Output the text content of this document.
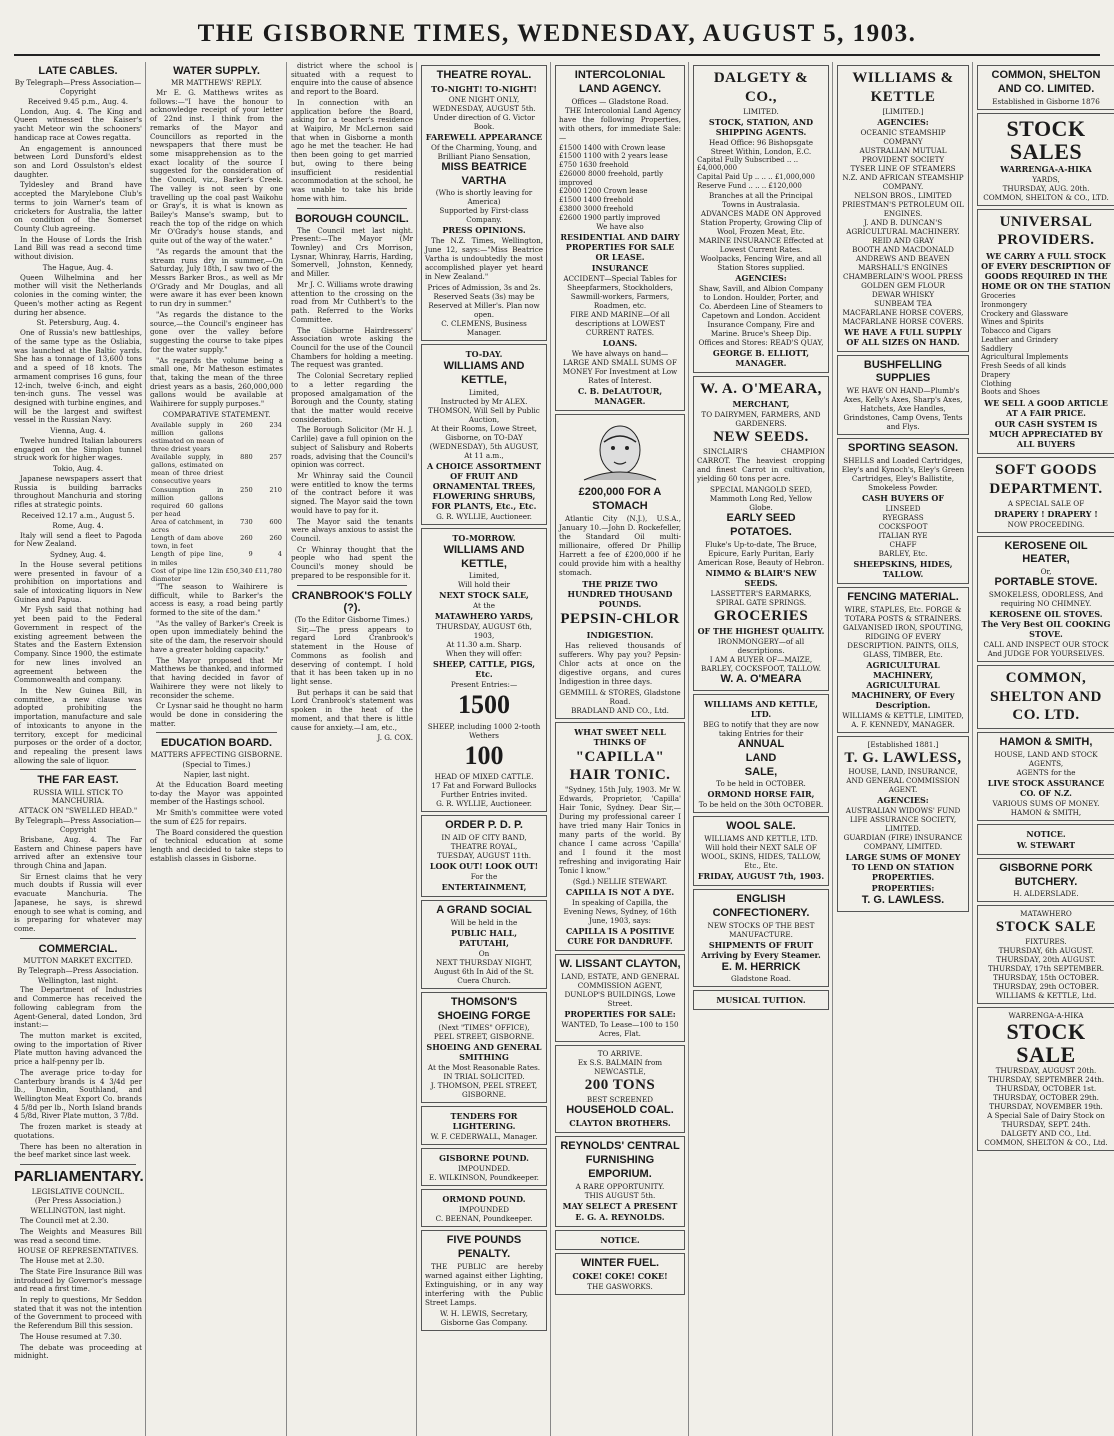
THE GISBORNE TIMES, WEDNESDAY, AUGUST 5, 1903.
LATE CABLES.
By Telegraph—Press Association—Copyright
Received 9.45 p.m., Aug. 4.

London, Aug. 4. The King and Queen witnessed the Kaiser's yacht Meteor win the schooners' handicap race at Cowes regatta.

An engagement is announced between Lord Dunsford's eldest son and Lord Ossulston's eldest daughter.

Tyldesley and Brand have accepted the Marylebone Club's terms to join Warner's team of cricketers for Australia, the latter on condition of the Somerset County Club agreeing.

In the House of Lords the Irish Land Bill was read a second time without division.

The Hague, Aug. 4.

Queen Wilhelmina and her mother will visit the Netherlands colonies in the coming winter, the Queen's mother acting as Regent during her absence.

St. Petersburg, Aug. 4.

One of Russia's new battleships, of the same type as the Osliabia, was launched at the Baltic yards. She has a tonnage of 13,600 tons and a speed of 18 knots. The armament comprises 16 guns, four 12-inch, twelve 6-inch, and eight ten-inch guns. The vessel was designed with turbine engines, and will be the largest and swiftest vessel in the Russian Navy.

Vienna, Aug. 4.

Twelve hundred Italian labourers engaged on the Simplon tunnel struck work for higher wages.

Tokio, Aug. 4.

Japanese newspapers assert that Russia is building barracks throughout Manchuria and storing rifles at strategic points.

Received 12.17 a.m., August 5.
Rome, Aug. 4.

Italy will send a fleet to Pagoda for New Zealand.

Sydney, Aug. 4.

In the House several petitions were presented in favour of a prohibition on importations and sale of intoxicating liquors in New Guinea and Papua.

Mr Fysh said that nothing had yet been paid to the Federal Government in respect of the existing agreement between the States and the Eastern Extension Company. Since 1900, the estimate for new lines involved an agreement between the Commonwealth and company.

In the New Guinea Bill, in committee, a new clause was adopted prohibiting the importation, manufacture and sale of intoxicants to anyone in the territory, except for medicinal purposes or the order of a doctor, and repealing the present laws allowing the sale of liquor.

THE FAR EAST.
RUSSIA WILL STICK TO MANCHURIA.
ATTACK ON "SWELLED HEAD."
By Telegraph—Press Association—Copyright

Brisbane, Aug. 4. The Far Eastern and Chinese papers have arrived after an extensive tour through China and Japan.

Sir Ernest claims that he very much doubts if Russia will ever evacuate Manchuria. The Japanese, he says, is shrewd enough to see what is coming, and is preparing for whatever may come.

COMMERCIAL.
MUTTON MARKET EXCITED.
By Telegraph—Press Association.
Wellington, last night.

The Department of Industries and Commerce has received the following cablegram from the Agent-General, dated London, 3rd instant:—

The mutton market is excited, owing to the importation of River Plate mutton having advanced the price a half-penny per lb.

The average price to-day for Canterbury brands is 4 3/4d per lb., Dunedin, Southland, and Wellington Meat Export Co. brands 4 5/8d per lb., North Island brands 4 5/8d, River Plate mutton, 3 7/8d.

The frozen market is steady at quotations.

There has been no alteration in the beef market since last week.

PARLIAMENTARY.
LEGISLATIVE COUNCIL.
(Per Press Association.)
WELLINGTON, last night.

The Council met at 2.30.

The Weights and Measures Bill was read a second time.

HOUSE OF REPRESENTATIVES.

The House met at 2.30.

The State Fire Insurance Bill was introduced by Governor's message and read a first time.

In reply to questions, Mr Seddon stated that it was not the intention of the Government to proceed with the Referendum Bill this session.

The House resumed at 7.30.

The debate was proceeding at midnight.

WATER SUPPLY.
MR MATTHEWS' REPLY.

Mr E. G. Matthews writes as follows:—"I have the honour to acknowledge receipt of your letter of 22nd inst. I think from the remarks of the Mayor and Councillors as reported in the newspapers that there must be some misapprehension as to the exact locality of the source I suggested for the consideration of the Council, viz., Barker's Creek. The valley is not seen by one travelling up the coal past Waikohu or Gray's, it is what is known as Bailey's Manse's swamp, but to reach the top of the ridge on which Mr O'Grady's house stands, and quite out of the way of the water."

"As regards the amount that the stream runs dry in summer,—On Saturday, July 18th, I saw two of the Messrs Barker Bros., as well as Mr O'Grady and Mr Douglas, and all were aware it has ever been known to run dry in summer."

"As regards the distance to the source,—the Council's engineer has gone over the valley before suggesting the course to take pipes for the water supply."

"As regards the volume being a small one, Mr Matheson estimates that, taking the mean of the three driest years as a basis, 260,000,000 gallons would be available at Waihirere for supply purposes."

COMPARATIVE STATEMENT.
Available supply in million gallons estimated on mean of three driest years	260	234
Available supply, in gallons, estimated on mean of three driest consecutive years	880	257
Consumption in million gallons required 60 gallons per head	250	210
Area of catchment, in acres	730	600
Length of dam above town, in feet	260	260
Length of pipe line, in miles	9	4
Cost of pipe line 12in diameter	£50,340	£11,780

"The season to Waihirere is difficult, while to Barker's the access is easy, a road being partly formed to the site of the dam."

"As the valley of Barker's Creek is open upon immediately behind the site of the dam, the reservoir should have a greater holding capacity."

The Mayor proposed that Mr Matthews be thanked, and informed that having decided in favor of Waihirere they were not likely to reconsider the scheme.

Cr Lysnar said he thought no harm would be done in considering the matter.

EDUCATION BOARD.
MATTERS AFFECTING GISBORNE.
(Special to Times.)
Napier, last night.

At the Education Board meeting to-day the Mayor was appointed member of the Hastings school.

Mr Smith's committee were voted the sum of £25 for repairs.

The Board considered the question of technical education at some length and decided to take steps to establish classes in Gisborne.

district where the school is situated with a request to enquire into the cause of absence and report to the Board.

In connection with an application before the Board, asking for a teacher's residence at Waipiro, Mr McLernon said that when in Gisborne a month ago he met the teacher. He had then been going to get married but, owing to there being insufficient residential accommodation at the school, he was unable to take his bride home with him.

BOROUGH COUNCIL.

The Council met last night. Present:—The Mayor (Mr Townley) and Crs Morrison, Lysnar, Whinray, Harris, Harding, Somervell, Johnston, Kennedy, and Miller.

Mr J. C. Williams wrote drawing attention to the crossing on the road from Mr Cuthbert's to the path. Referred to the Works Committee.

The Gisborne Hairdressers' Association wrote asking the Council for the use of the Council Chambers for holding a meeting. The request was granted.

The Colonial Secretary replied to a letter regarding the proposed amalgamation of the Borough and the County, stating that the matter would receive consideration.

The Borough Solicitor (Mr H. J. Carlile) gave a full opinion on the subject of Salisbury and Roberts roads, advising that the Council's opinion was correct.

Mr Whinray said the Council were entitled to know the terms of the contract before it was signed. The Mayor said the town would have to pay for it.

The Mayor said the tenants were always anxious to assist the Council.

Cr Whinray thought that the people who had spent the Council's money should be prepared to be responsible for it.

CRANBROOK'S FOLLY (?).
(To the Editor Gisborne Times.)

Sir,—The press appears to regard Lord Cranbrook's statement in the House of Commons as foolish and deserving of contempt. I hold that it has been taken up in no light sense.

But perhaps it can be said that Lord Cranbrook's statement was spoken in the heat of the moment, and that there is little cause for anxiety.—I am, etc.,

J. G. COX.
THEATRE ROYAL.
TO-NIGHT! TO-NIGHT!
ONE NIGHT ONLY,
WEDNESDAY, AUGUST 5th.
Under direction of G. Victor Book.
FAREWELL APPEARANCE
Of the Charming, Young, and Brilliant Piano Sensation,
MISS BEATRICE VARTHA
(Who is shortly leaving for America)
Supported by First-class Company.
PRESS OPINIONS.

The N.Z. Times, Wellington, June 12, says:—"Miss Beatrice Vartha is undoubtedly the most accomplished player yet heard in New Zealand."

Prices of Admission, 3s and 2s.
Reserved Seats (3s) may be Reserved at Miller's. Plan now open.
C. CLEMENS, Business Manager.
TO-DAY.
WILLIAMS AND KETTLE,
Limited,
Instructed by Mr ALEX. THOMSON, Will Sell by Public Auction,
At their Rooms, Lowe Street, Gisborne, on TO-DAY (WEDNESDAY), 5th AUGUST, At 11 a.m.,
A CHOICE ASSORTMENT OF FRUIT AND ORNAMENTAL TREES, FLOWERING SHRUBS, FOR PLANTS, Etc., Etc.
G. R. WYLLIE, Auctioneer.
TO-MORROW.
WILLIAMS AND KETTLE,
Limited,
Will hold their
NEXT STOCK SALE,
At the
MATAWHERO YARDS,
THURSDAY, AUGUST 6th, 1903,
At 11.30 a.m. Sharp.
When they will offer:
SHEEP, CATTLE, PIGS, Etc.
Present Entries:—
1500
SHEEP, including 1000 2-tooth Wethers
100
HEAD OF MIXED CATTLE.
17 Fat and Forward Bullocks
Further Entries invited.
G. R. WYLLIE, Auctioneer.
ORDER P. D. P.
IN AID OF CITY BAND,
THEATRE ROYAL,
TUESDAY, AUGUST 11th.
LOOK OUT! LOOK OUT!
For the
ENTERTAINMENT,
A GRAND SOCIAL
Will be held in the
PUBLIC HALL, PATUTAHI,
On
NEXT THURSDAY NIGHT, August 6th In Aid of the St. Cuera Church.
THOMSON'S SHOEING FORGE
(Next "TIMES" OFFICE),
PEEL STREET, GISBORNE.
SHOEING AND GENERAL SMITHING
At the Most Reasonable Rates.
IN TRIAL SOLICITED.
J. THOMSON, PEEL STREET, GISBORNE.
TENDERS FOR LIGHTERING.
W. F. CEDERWALL, Manager.
GISBORNE POUND.
IMPOUNDED.
E. WILKINSON, Poundkeeper.
ORMOND POUND.
IMPOUNDED
C. BEENAN, Poundkeeper.
FIVE POUNDS PENALTY.

THE PUBLIC are hereby warned against either Lighting, Extinguishing, or in any way interfering with the Public Street Lamps.

W. H. LEWIS, Secretary, Gisborne Gas Company.
INTERCOLONIAL LAND AGENCY.
Offices — Gladstone Road.

THE Intercolonial Land Agency have the following Properties, with others, for immediate Sale:—

£1500 1400 with Crown lease
£1500 1100 with 2 years lease
£750 1630 freehold
£26000 8000 freehold, partly improved
£2000 1200 Crown lease
£1500 1400 freehold
£3800 3000 freehold
£2600 1900 partly improved
We have also
RESIDENTIAL AND DAIRY PROPERTIES FOR SALE OR LEASE.
INSURANCE
ACCIDENT—Special Tables for Sheepfarmers, Stockholders, Sawmill-workers, Farmers, Roadmen, etc.
FIRE AND MARINE—Of all descriptions at LOWEST CURRENT RATES.
LOANS.
We have always on hand—LARGE AND SMALL SUMS OF MONEY For Investment at Low Rates of Interest.
C. B. DeLAUTOUR, MANAGER.
£200,000 FOR A STOMACH

Atlantic City (N.J.), U.S.A., January 10.—John D. Rockefeller, the Standard Oil multi-millionaire, offered Dr Phillip Harrett a fee of £200,000 if he could provide him with a healthy stomach.

THE PRIZE TWO HUNDRED THOUSAND POUNDS.
PEPSIN-CHLOR
INDIGESTION.

Has relieved thousands of sufferers. Why pay you? Pepsin-Chlor acts at once on the digestive organs, and cures Indigestion in three days.

GEMMILL & STORES, Gladstone Road.
BRADLAND AND CO., Ltd.
WHAT SWEET NELL THINKS OF
"CAPILLA" HAIR TONIC.

"Sydney, 15th July, 1903. Mr W. Edwards, Proprietor, 'Capilla' Hair Tonic, Sydney. Dear Sir,—During my professional career I have tried many Hair Tonics in many parts of the world. By chance I came across 'Capilla' and I found it the most refreshing and invigorating Hair Tonic I know."

(Sgd.) NELLIE STEWART.
CAPILLA IS NOT A DYE.
In speaking of Capilla, the Evening News, Sydney, of 16th June, 1903, says:
CAPILLA IS A POSITIVE CURE FOR DANDRUFF.
W. LISSANT CLAYTON,
LAND, ESTATE, AND GENERAL COMMISSION AGENT,
DUNLOP'S BUILDINGS, Lowe Street.
PROPERTIES FOR SALE:
WANTED, To Lease—100 to 150 Acres, Flat.
TO ARRIVE.
Ex S.S. BALMAIN from NEWCASTLE,
200 TONS
BEST SCREENED
HOUSEHOLD COAL.
CLAYTON BROTHERS.
REYNOLDS' CENTRAL FURNISHING EMPORIUM.
A RARE OPPORTUNITY.
THIS AUGUST 5th.
MAY SELECT A PRESENT
E. G. A. REYNOLDS.
NOTICE.
WINTER FUEL.
COKE! COKE! COKE!
THE GASWORKS.
DALGETY & CO.,
LIMITED.
STOCK, STATION, AND SHIPPING AGENTS.
Head Office: 96 Bishopsgate Street Within, London, E.C.
Capital Fully Subscribed .. .. £4,000,000
Capital Paid Up .. .. .. £1,000,000
Reserve Fund .. .. .. £120,000
Branches at all the Principal Towns in Australasia.
ADVANCES MADE ON Approved Station Property, Growing Clip of Wool, Frozen Meat, Etc.
MARINE INSURANCE Effected at Lowest Current Rates.
Woolpacks, Fencing Wire, and all Station Stores supplied.
AGENCIES:
Shaw, Savill, and Albion Company to London. Houlder, Porter, and Co. Aberdeen Line of Steamers to Capetown and London. Accident Insurance Company, Fire and Marine. Bruce's Sheep Dip.
Offices and Stores: READ'S QUAY,
GEORGE B. ELLIOTT, MANAGER.
W. A. O'MEARA,
MERCHANT,
TO DAIRYMEN, FARMERS, AND GARDENERS.
NEW SEEDS.

SINCLAIR'S CHAMPION CARROT. The heaviest cropping and finest Carrot in cultivation, yielding 60 tons per acre.

SPECIAL MANGOLD SEED, Mammoth Long Red, Yellow Globe.
EARLY SEED POTATOES.
Fluke's Up-to-date, The Bruce, Epicure, Early Puritan, Early American Rose, Beauty of Hebron.
NIMMO & BLAIR'S NEW SEEDS.
LASSETTER'S EARMARKS, SPIRAL GATE SPRINGS.
GROCERIES
OF THE HIGHEST QUALITY.
IRONMONGERY—of all descriptions.
I AM A BUYER OF—MAIZE, BARLEY, COCKSFOOT, TALLOW.
W. A. O'MEARA
WILLIAMS AND KETTLE, LTD.
BEG to notify that they are now taking Entries for their
ANNUAL
LAND
SALE,
To be held in OCTOBER.
ORMOND HORSE FAIR,
To be held on the 30th OCTOBER.
WOOL SALE.
WILLIAMS AND KETTLE, LTD.
Will hold their NEXT SALE OF WOOL, SKINS, HIDES, TALLOW, Etc., Etc.
FRIDAY, AUGUST 7th, 1903.
ENGLISH CONFECTIONERY.
NEW STOCKS OF THE BEST MANUFACTURE.
SHIPMENTS OF FRUIT Arriving by Every Steamer.
E. M. HERRICK
Gladstone Road.
MUSICAL TUITION.
WILLIAMS & KETTLE
[LIMITED.]
AGENCIES:
OCEANIC STEAMSHIP COMPANY
AUSTRALIAN MUTUAL PROVIDENT SOCIETY
TYSER LINE OF STEAMERS
N.Z. AND AFRICAN STEAMSHIP COMPANY.
NELSON BROS., LIMITED
PRIESTMAN'S PETROLEUM OIL ENGINES.
J. AND B. DUNCAN'S AGRICULTURAL MACHINERY.
REID AND GRAY
BOOTH AND MACDONALD
ANDREWS AND BEAVEN
MARSHALL'S ENGINES
CHAMBERLAIN'S WOOL PRESS
GOLDEN GEM FLOUR
DEWAR WHISKY
SUNBEAM TEA
MACFARLANE HORSE COVERS, MACFARLANE HORSE COVERS.
WE HAVE A FULL SUPPLY OF ALL SIZES ON HAND.
BUSHFELLING SUPPLIES
WE HAVE ON HAND—Plumb's Axes, Kelly's Axes, Sharp's Axes, Hatchets, Axe Handles, Grindstones, Camp Ovens, Tents and Flys.
SPORTING SEASON.
SHELLS and Loaded Cartridges, Eley's and Kynoch's, Eley's Green Cartridges, Eley's Ballistite, Smokeless Powder.
CASH BUYERS OF
LINSEED
RYEGRASS
COCKSFOOT
ITALIAN RYE
CHAFF
BARLEY, Etc.
SHEEPSKINS, HIDES, TALLOW.
FENCING MATERIAL.
WIRE, STAPLES, Etc. FORGE & TOTARA POSTS & STRAINERS.
GALVANISED IRON, SPOUTING, RIDGING OF EVERY DESCRIPTION. PAINTS, OILS, GLASS, TIMBER, Etc.
AGRICULTURAL MACHINERY, AGRICULTURAL MACHINERY, OF Every Description.
WILLIAMS & KETTLE, LIMITED, A. F. KENNEDY, MANAGER.
[Established 1881.]
T. G. LAWLESS,
HOUSE, LAND, INSURANCE, AND GENERAL COMMISSION AGENT.
AGENCIES:
AUSTRALIAN WIDOWS' FUND LIFE ASSURANCE SOCIETY, LIMITED.
GUARDIAN (FIRE) INSURANCE COMPANY, LIMITED.
LARGE SUMS OF MONEY TO LEND ON STATION PROPERTIES.
PROPERTIES:
T. G. LAWLESS.
COMMON, SHELTON AND CO. LIMITED.
Established in Gisborne 1876
STOCK SALES
WARRENGA-A-HIKA
YARDS,
THURSDAY, AUG. 20th.
COMMON, SHELTON & CO., LTD.
UNIVERSAL PROVIDERS.
WE CARRY A FULL STOCK OF EVERY DESCRIPTION OF GOODS REQUIRED IN THE HOME OR ON THE STATION
Groceries
Ironmongery
Crockery and Glassware
Wines and Spirits
Tobacco and Cigars
Leather and Grindery
Saddlery
Agricultural Implements
Fresh Seeds of all kinds
Drapery
Clothing
Boots and Shoes
WE SELL A GOOD ARTICLE AT A FAIR PRICE.
OUR CASH SYSTEM IS MUCH APPRECIATED BY ALL BUYERS
SOFT GOODS DEPARTMENT.
A SPECIAL SALE OF
DRAPERY ! DRAPERY !
NOW PROCEEDING.
KEROSENE OIL HEATER,
Or,
PORTABLE STOVE.
SMOKELESS, ODORLESS, And requiring NO CHIMNEY.
KEROSENE OIL STOVES. The Very Best OIL COOKING STOVE.
CALL AND INSPECT OUR STOCK And JUDGE FOR YOURSELVES.
COMMON, SHELTON AND CO. LTD.
HAMON & SMITH,
HOUSE, LAND AND STOCK AGENTS,
AGENTS for the
LIVE STOCK ASSURANCE CO. OF N.Z.
VARIOUS SUMS OF MONEY.
HAMON & SMITH,
NOTICE.
W. STEWART
GISBORNE PORK BUTCHERY.
H. ALDERSLADE.
MATAWHERO
STOCK SALE
FIXTURES.
THURSDAY, 6th AUGUST.
THURSDAY, 20th AUGUST.
THURSDAY, 17th SEPTEMBER.
THURSDAY, 15th OCTOBER.
THURSDAY, 29th OCTOBER.
WILLIAMS & KETTLE, Ltd.
WARRENGA-A-HIKA
STOCK SALE
THURSDAY, AUGUST 20th.
THURSDAY, SEPTEMBER 24th.
THURSDAY, OCTOBER 1st.
THURSDAY, OCTOBER 29th.
THURSDAY, NOVEMBER 19th.
A Special Sale of Dairy Stock on THURSDAY, SEPT. 24th.
DALGETY AND CO., Ltd. COMMON, SHELTON & CO., Ltd.
